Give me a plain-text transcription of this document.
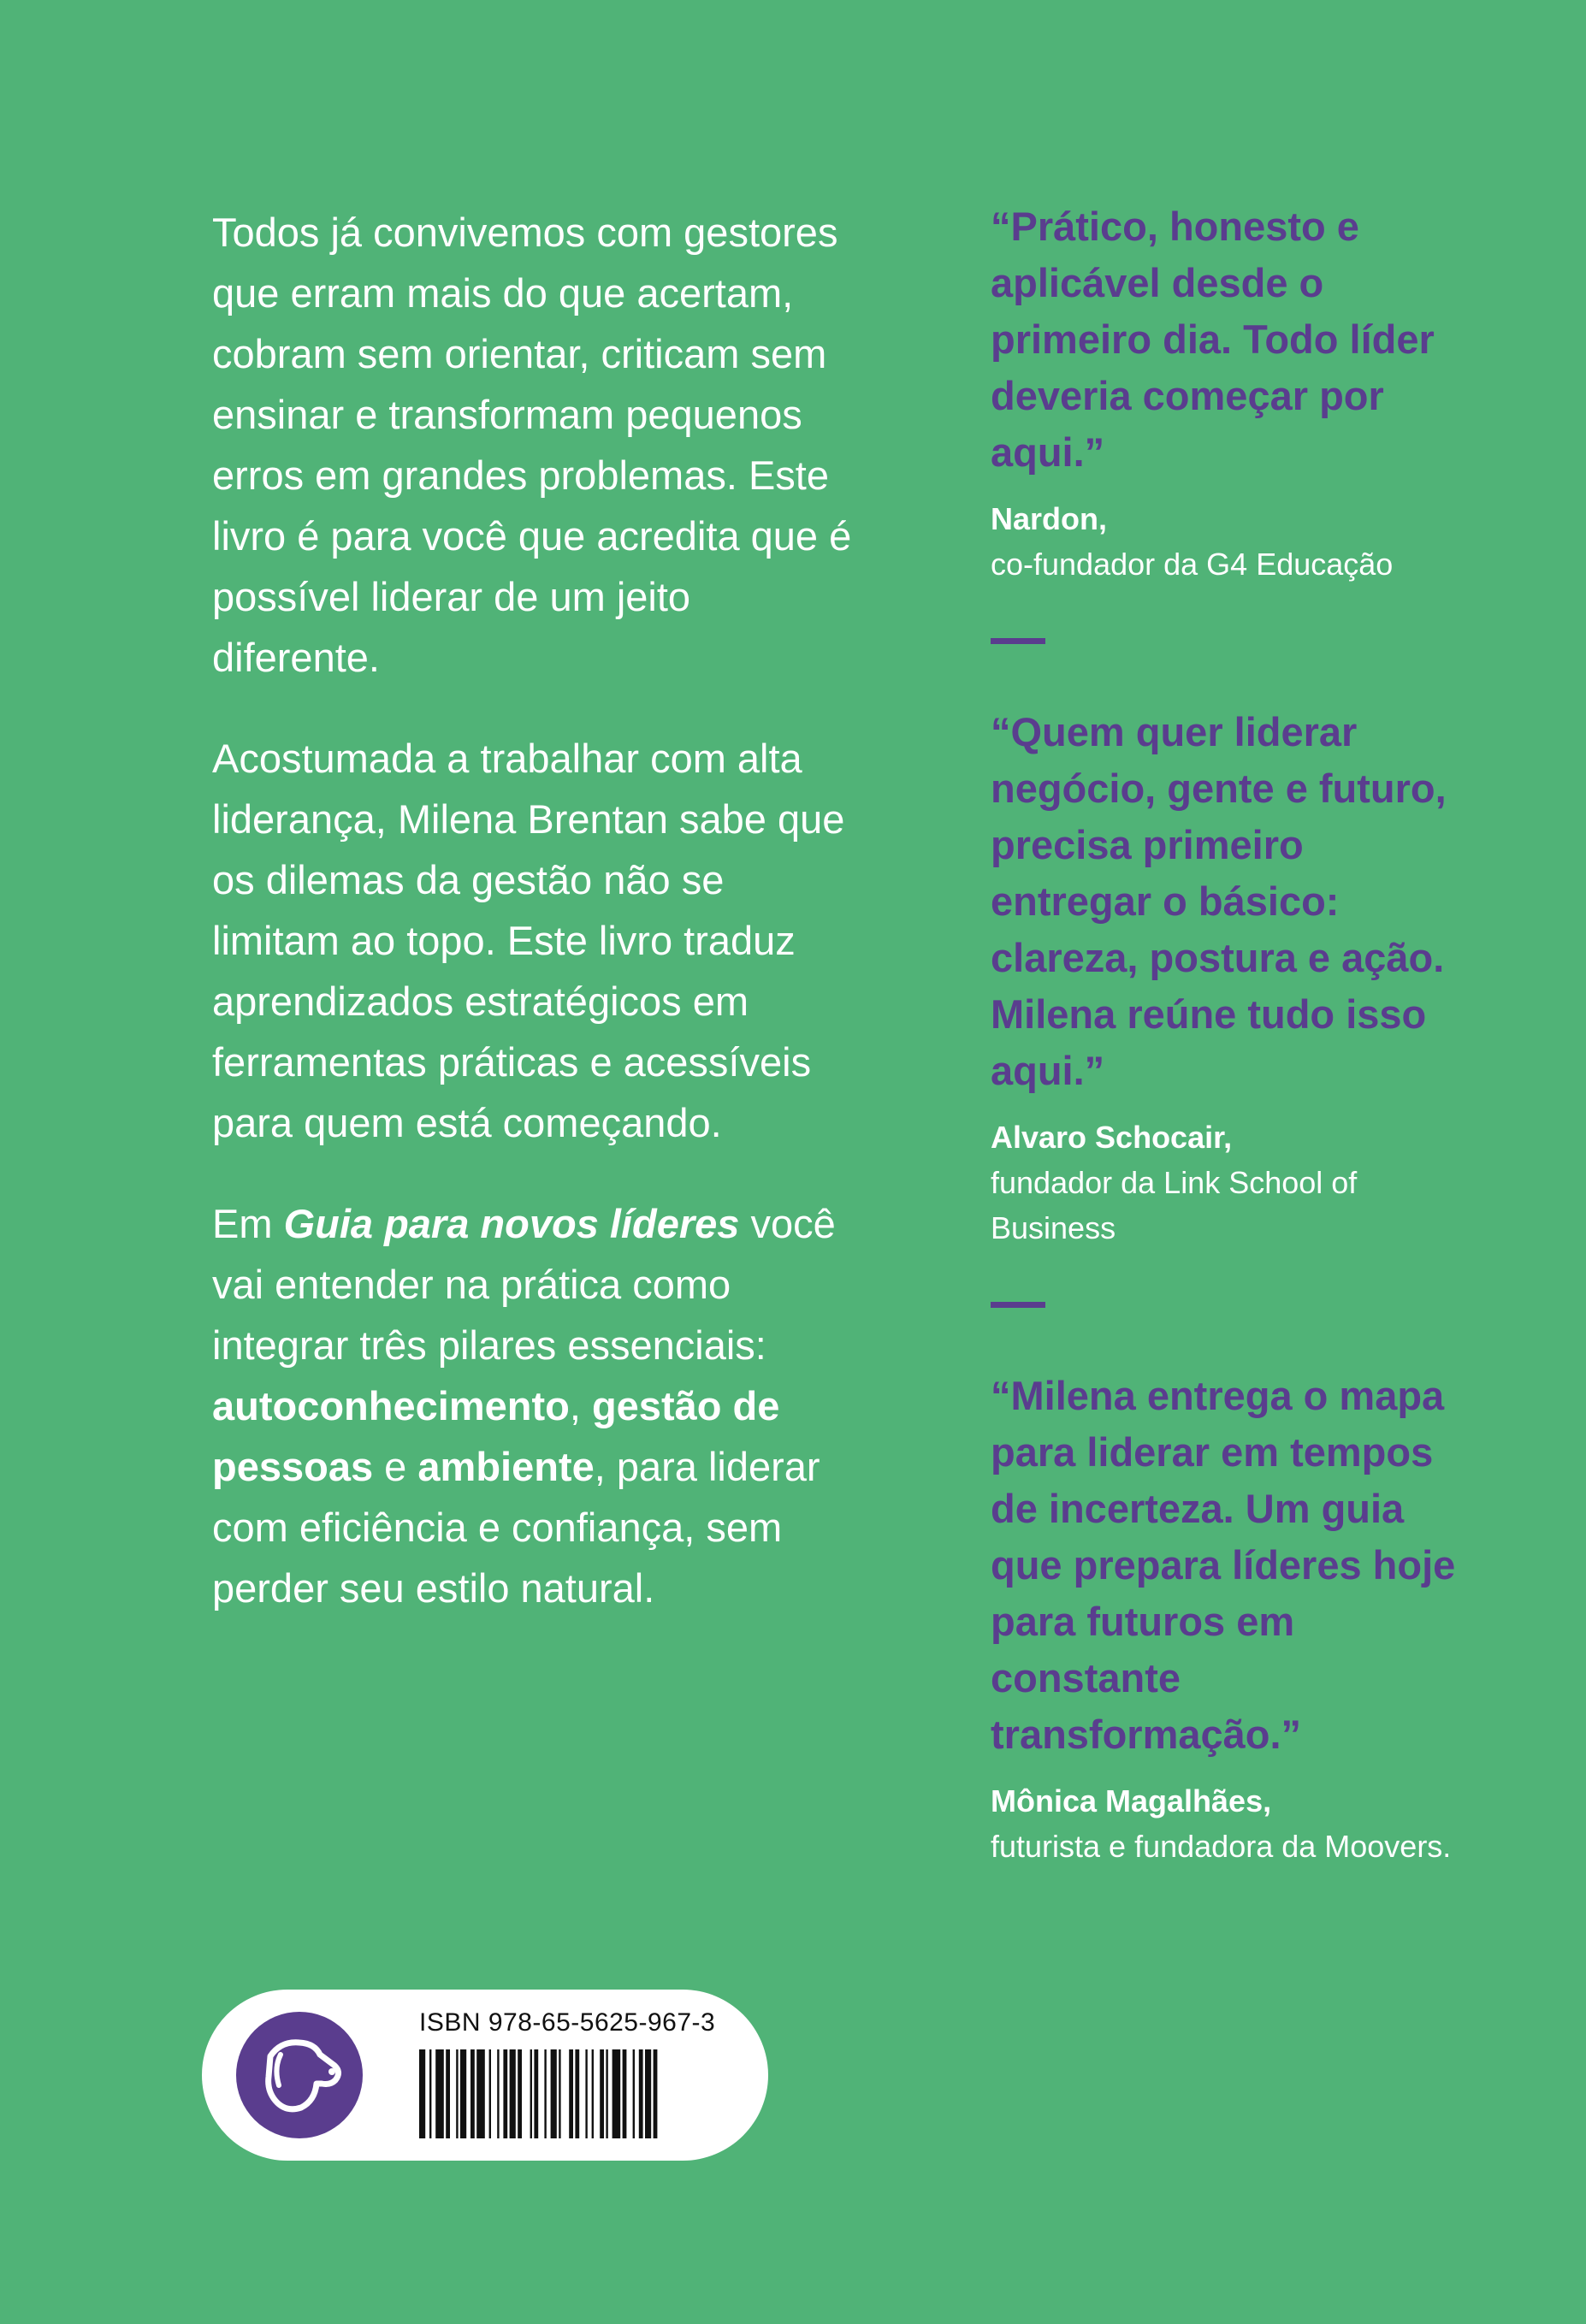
Todos já convivemos com gestores que erram mais do que acertam, cobram sem orientar, criticam sem ensinar e transformam pequenos erros em grandes problemas. Este livro é para você que acredita que é possível liderar de um jeito diferente.

Acostumada a trabalhar com alta liderança, Milena Brentan sabe que os dilemas da gestão não se limitam ao topo. Este livro traduz aprendizados estratégicos em ferramentas práticas e acessíveis para quem está começando.

Em Guia para novos líderes você vai entender na prática como integrar três pilares essenciais: autoconhecimento, gestão de pessoas e ambiente, para liderar com eficiência e confiança, sem perder seu estilo natural.

“Prático, honesto e aplicável desde o primeiro dia. Todo líder deveria começar por aqui.”

Nardon,
co-fundador da G4 Educação

“Quem quer liderar negócio, gente e futuro, precisa primeiro entregar o básico: clareza, postura e ação. Milena reúne tudo isso aqui.”

Alvaro Schocair,
fundador da Link School of Business

“Milena entrega o mapa para liderar em tempos de incerteza. Um guia que prepara líderes hoje para futuros em constante transformação.”

Mônica Magalhães,
futurista e fundadora da Moovers.
ISBN 978-65-5625-967-3
